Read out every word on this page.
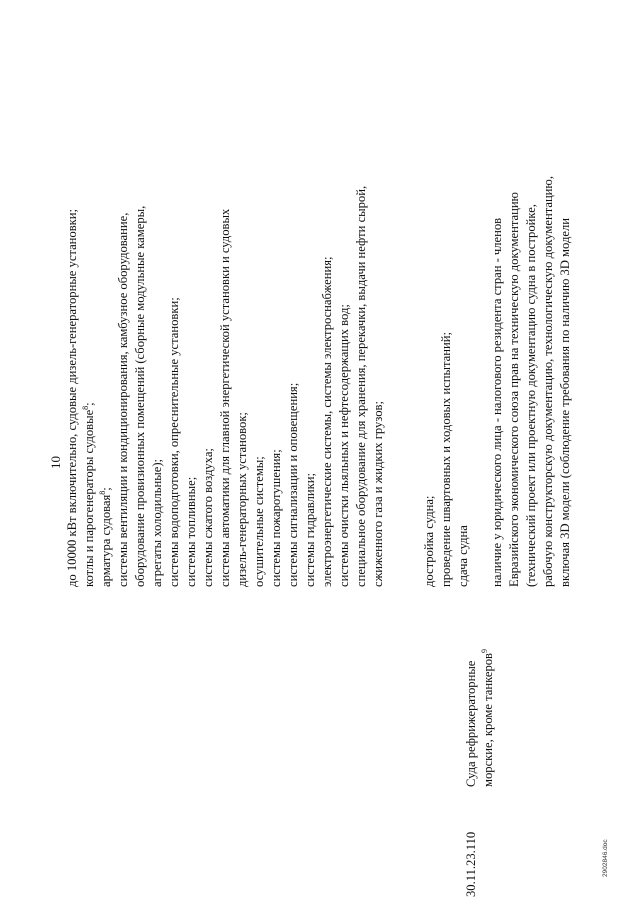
10
30.11.23.110
Суда рефрижераторные морские, кроме танкеров$^9$
до 10000 кВт включительно, судовые дизель-генераторные установки; котлы и парогенераторы судовые$^8$;
арматура судовая$^8$; системы вентиляции и кондиционирования, камбузное оборудование, оборудование провизионных помещений (сборные модульные камеры, агрегаты холодильные); системы водоподготовки, опреснительные установки; системы топливные; системы сжатого воздуха; системы автоматики для главной энергетической установки и судовых дизель-генераторных установок; осушительные системы; системы пожаротушения; системы сигнализации и оповещения; системы гидравлики; электроэнергетические системы, системы электроснабжения; системы очистки льяльных и нефтесодержащих вод; специальное оборудование для хранения, перекачки, выдачи нефти сырой, сжиженного газа и жидких грузов;	достройка судна; проведение швартовных и ходовых испытаний; сдача судна наличие у юридического лица - налогового резидента стран - членов Евразийского экономического союза прав на техническую документацию (технический проект или проектную документацию судна в постройке, рабочую конструкторскую документацию, технологическую документацию, включая 3D модели (соблюдение требования по наличию 3D модели
2902846.doc
